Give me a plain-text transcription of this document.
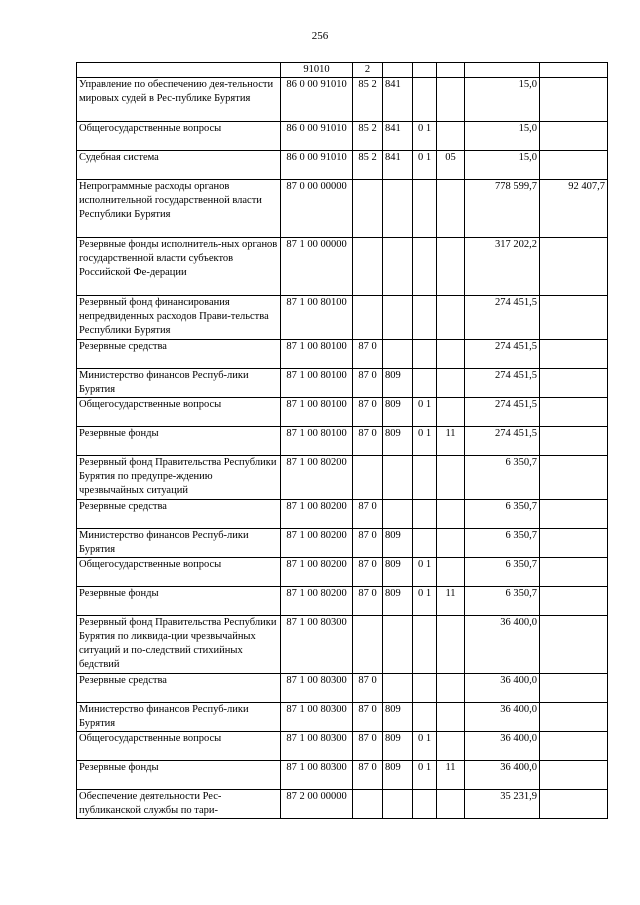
256
	91010	2					
Управление по обеспечению дея-тельности мировых судей в Рес-публике Бурятия	86 0 00 91010	85 2	841			15,0	
Общегосударственные вопросы	86 0 00 91010	85 2	841	0 1		15,0	
Судебная система	86 0 00 91010	85 2	841	0 1	05	15,0	
Непрограммные расходы органов исполнительной государственной власти Республики Бурятия	87 0 00 00000					778 599,7	92 407,7
Резервные фонды исполнитель-ных органов государственной власти субъектов Российской Фе-дерации	87 1 00 00000					317 202,2	
Резервный фонд финансирования непредвиденных расходов Прави-тельства Республики Бурятия	87 1 00 80100					274 451,5	
Резервные средства	87 1 00 80100	87 0				274 451,5	
Министерство финансов Респуб-лики Бурятия	87 1 00 80100	87 0	809			274 451,5	
Общегосударственные вопросы	87 1 00 80100	87 0	809	0 1		274 451,5	
Резервные фонды	87 1 00 80100	87 0	809	0 1	11	274 451,5	
Резервный фонд Правительства Республики Бурятия по предупре-ждению чрезвычайных ситуаций	87 1 00 80200					6 350,7	
Резервные средства	87 1 00 80200	87 0				6 350,7	
Министерство финансов Респуб-лики Бурятия	87 1 00 80200	87 0	809			6 350,7	
Общегосударственные вопросы	87 1 00 80200	87 0	809	0 1		6 350,7	
Резервные фонды	87 1 00 80200	87 0	809	0 1	11	6 350,7	
Резервный фонд Правительства Республики Бурятия по ликвида-ции чрезвычайных ситуаций и по-следствий стихийных бедствий	87 1 00 80300					36 400,0	
Резервные средства	87 1 00 80300	87 0				36 400,0	
Министерство финансов Респуб-лики Бурятия	87 1 00 80300	87 0	809			36 400,0	
Общегосударственные вопросы	87 1 00 80300	87 0	809	0 1		36 400,0	
Резервные фонды	87 1 00 80300	87 0	809	0 1	11	36 400,0	
Обеспечение деятельности Рес-публиканской службы по тари-	87 2 00 00000					35 231,9	
